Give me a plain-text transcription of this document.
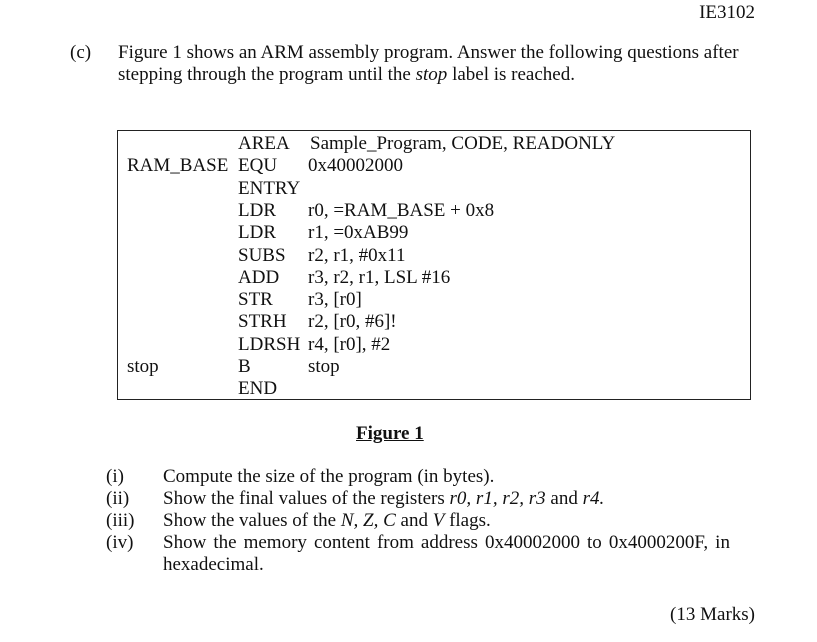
IE3102
(c) Figure 1 shows an ARM assembly program. Answer the following questions after
stepping through the program until the stop label is reached.
AREA Sample_Program, CODE, READONLY
RAM_BASE EQU 0x40002000
ENTRY
LDR r0, =RAM_BASE + 0x8
LDR r1, =0xAB99
SUBS r2, r1, #0x11
ADD r3, r2, r1, LSL #16
STR r3, [r0]
STRH r2, [r0, #6]!
LDRSH r4, [r0], #2
stop	B	stop
END
Figure 1
(i) Compute the size of the program (in bytes).
(ii) Show the final values of the registers r0, r1, r2, r3 and r4.
(iii) Show the values of the N, Z, C and V flags.
(iv) Show the memory content from address 0x40002000 to 0x4000200F, in
hexadecimal.
(13 Marks)
